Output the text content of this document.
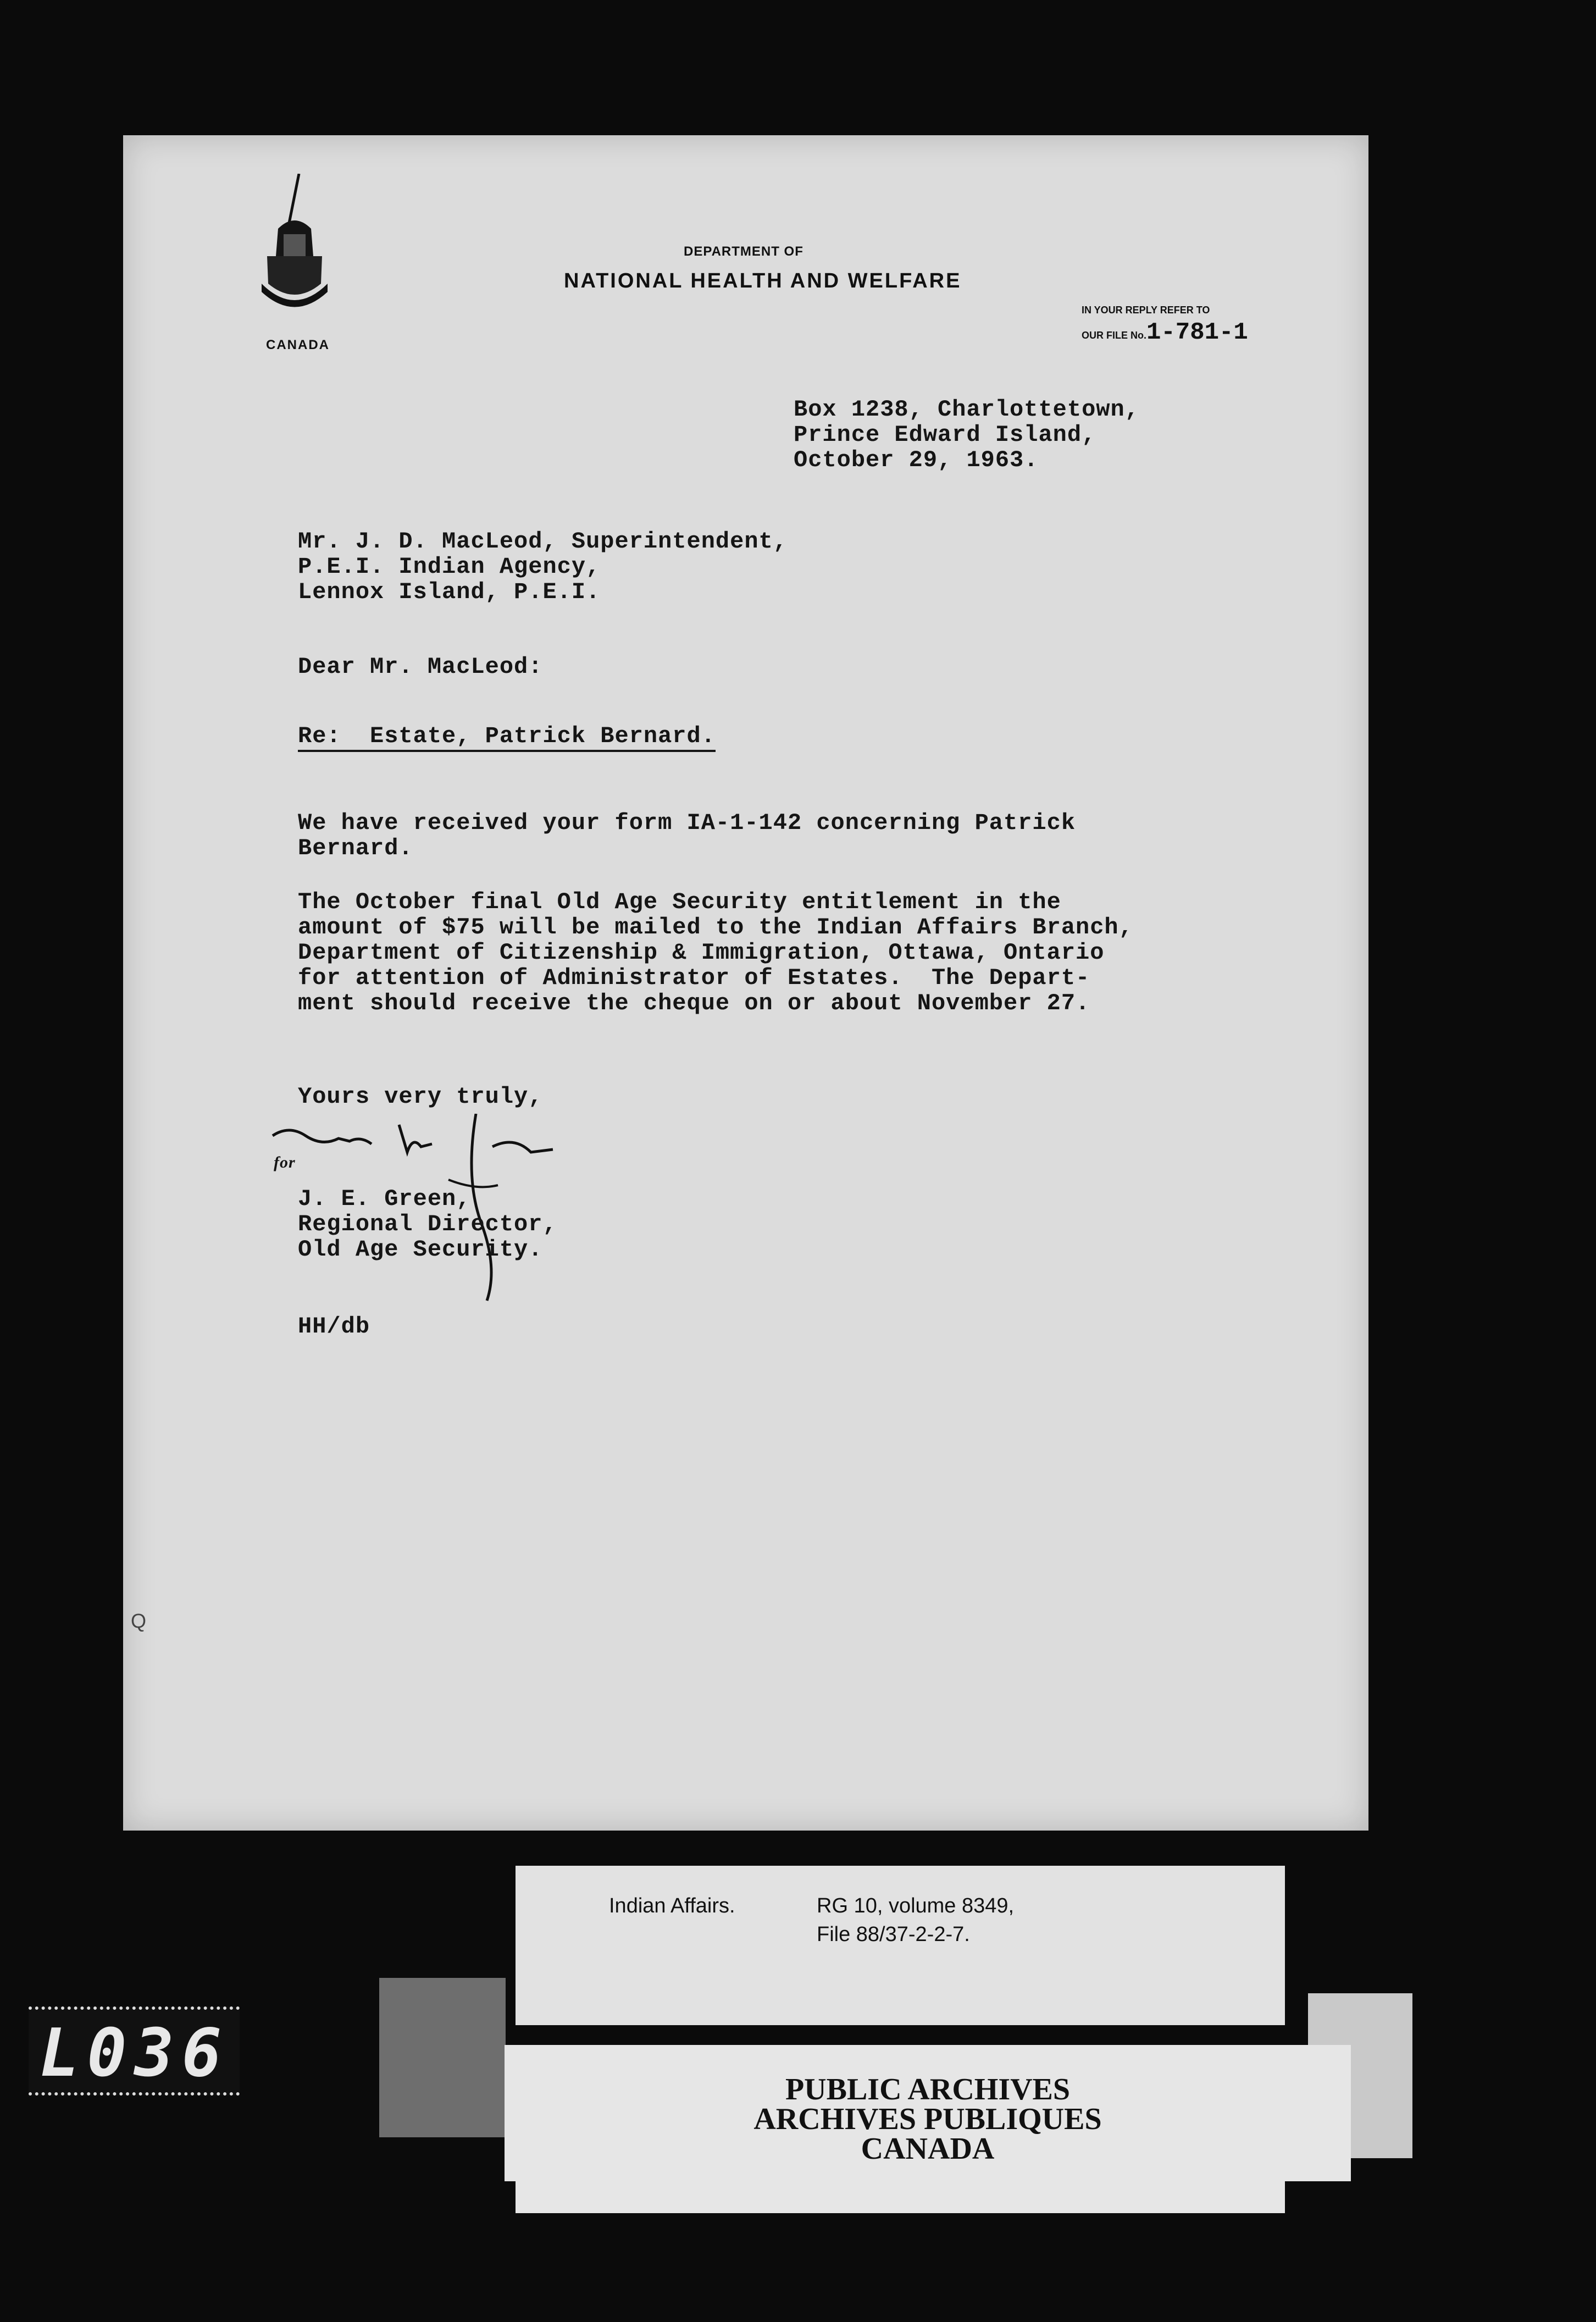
CANADA
DEPARTMENT OF
NATIONAL HEALTH AND WELFARE
IN YOUR REPLY REFER TO
OUR FILE No.1-781-1
Box 1238, Charlottetown,
Prince Edward Island,
October 29, 1963.
Mr. J. D. MacLeod, Superintendent,
P.E.I. Indian Agency,
Lennox Island, P.E.I.
Dear Mr. MacLeod:
Re:  Estate, Patrick Bernard.
We have received your form IA-1-142 concerning Patrick
Bernard.
The October final Old Age Security entitlement in the
amount of $75 will be mailed to the Indian Affairs Branch,
Department of Citizenship & Immigration, Ottawa, Ontario
for attention of Administrator of Estates.  The Depart-
ment should receive the cheque on or about November 27.
Yours very truly,
for
J. E. Green,
Regional Director,
Old Age Security.
HH/db
Q
Indian Affairs.	RG 10, volume 8349,
File 88/37-2-2-7.
PUBLIC ARCHIVES
ARCHIVES PUBLIQUES
CANADA
L036
